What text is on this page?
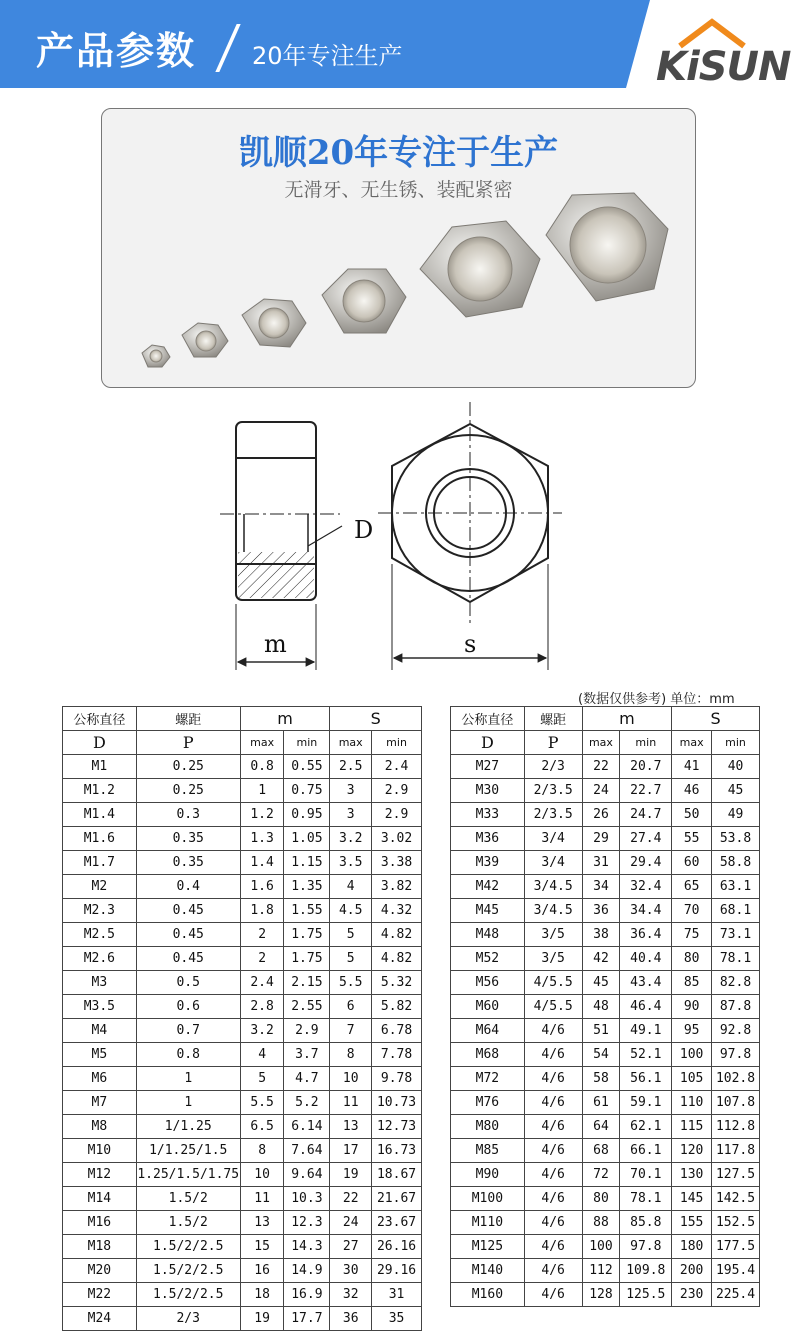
产品参数 20年专注生产	KiSUN
凯顺20年专注于生产
无滑牙、无生锈、装配紧密
D
m	s
(数据仅供参考) 单位：mm
公称直径	螺距	m		S	
D	P	max	min	max	min
M1	0.25	0.8	0.55	2.5	2.4
M1.2	0.25	1	0.75	3	2.9
M1.4	0.3	1.2	0.95	3	2.9
M1.6	0.35	1.3	1.05	3.2	3.02
M1.7	0.35	1.4	1.15	3.5	3.38
M2	0.4	1.6	1.35	4	3.82
M2.3	0.45	1.8	1.55	4.5	4.32
M2.5	0.45	2	1.75	5	4.82
M2.6	0.45	2	1.75	5	4.82
M3	0.5	2.4	2.15	5.5	5.32
M3.5	0.6	2.8	2.55	6	5.82
M4	0.7	3.2	2.9	7	6.78
M5	0.8	4	3.7	8	7.78
M6	1	5	4.7	10	9.78
M7	1	5.5	5.2	11	10.73
M8	1/1.25	6.5	6.14	13	12.73
M10	1/1.25/1.5	8	7.64	17	16.73
M12	1.25/1.5/1.75	10	9.64	19	18.67
M14	1.5/2	11	10.3	22	21.67
M16	1.5/2	13	12.3	24	23.67
M18	1.5/2/2.5	15	14.3	27	26.16
M20	1.5/2/2.5	16	14.9	30	29.16
M22	1.5/2/2.5	18	16.9	32	31
M24	2/3	19	17.7	36	35
公称直径	螺距	m		S	
D	P	max	min	max	min
M27	2/3	22	20.7	41	40
M30	2/3.5	24	22.7	46	45
M33	2/3.5	26	24.7	50	49
M36	3/4	29	27.4	55	53.8
M39	3/4	31	29.4	60	58.8
M42	3/4.5	34	32.4	65	63.1
M45	3/4.5	36	34.4	70	68.1
M48	3/5	38	36.4	75	73.1
M52	3/5	42	40.4	80	78.1
M56	4/5.5	45	43.4	85	82.8
M60	4/5.5	48	46.4	90	87.8
M64	4/6	51	49.1	95	92.8
M68	4/6	54	52.1	100	97.8
M72	4/6	58	56.1	105	102.8
M76	4/6	61	59.1	110	107.8
M80	4/6	64	62.1	115	112.8
M85	4/6	68	66.1	120	117.8
M90	4/6	72	70.1	130	127.5
M100	4/6	80	78.1	145	142.5
M110	4/6	88	85.8	155	152.5
M125	4/6	100	97.8	180	177.5
M140	4/6	112	109.8	200	195.4
M160	4/6	128	125.5	230	225.4
